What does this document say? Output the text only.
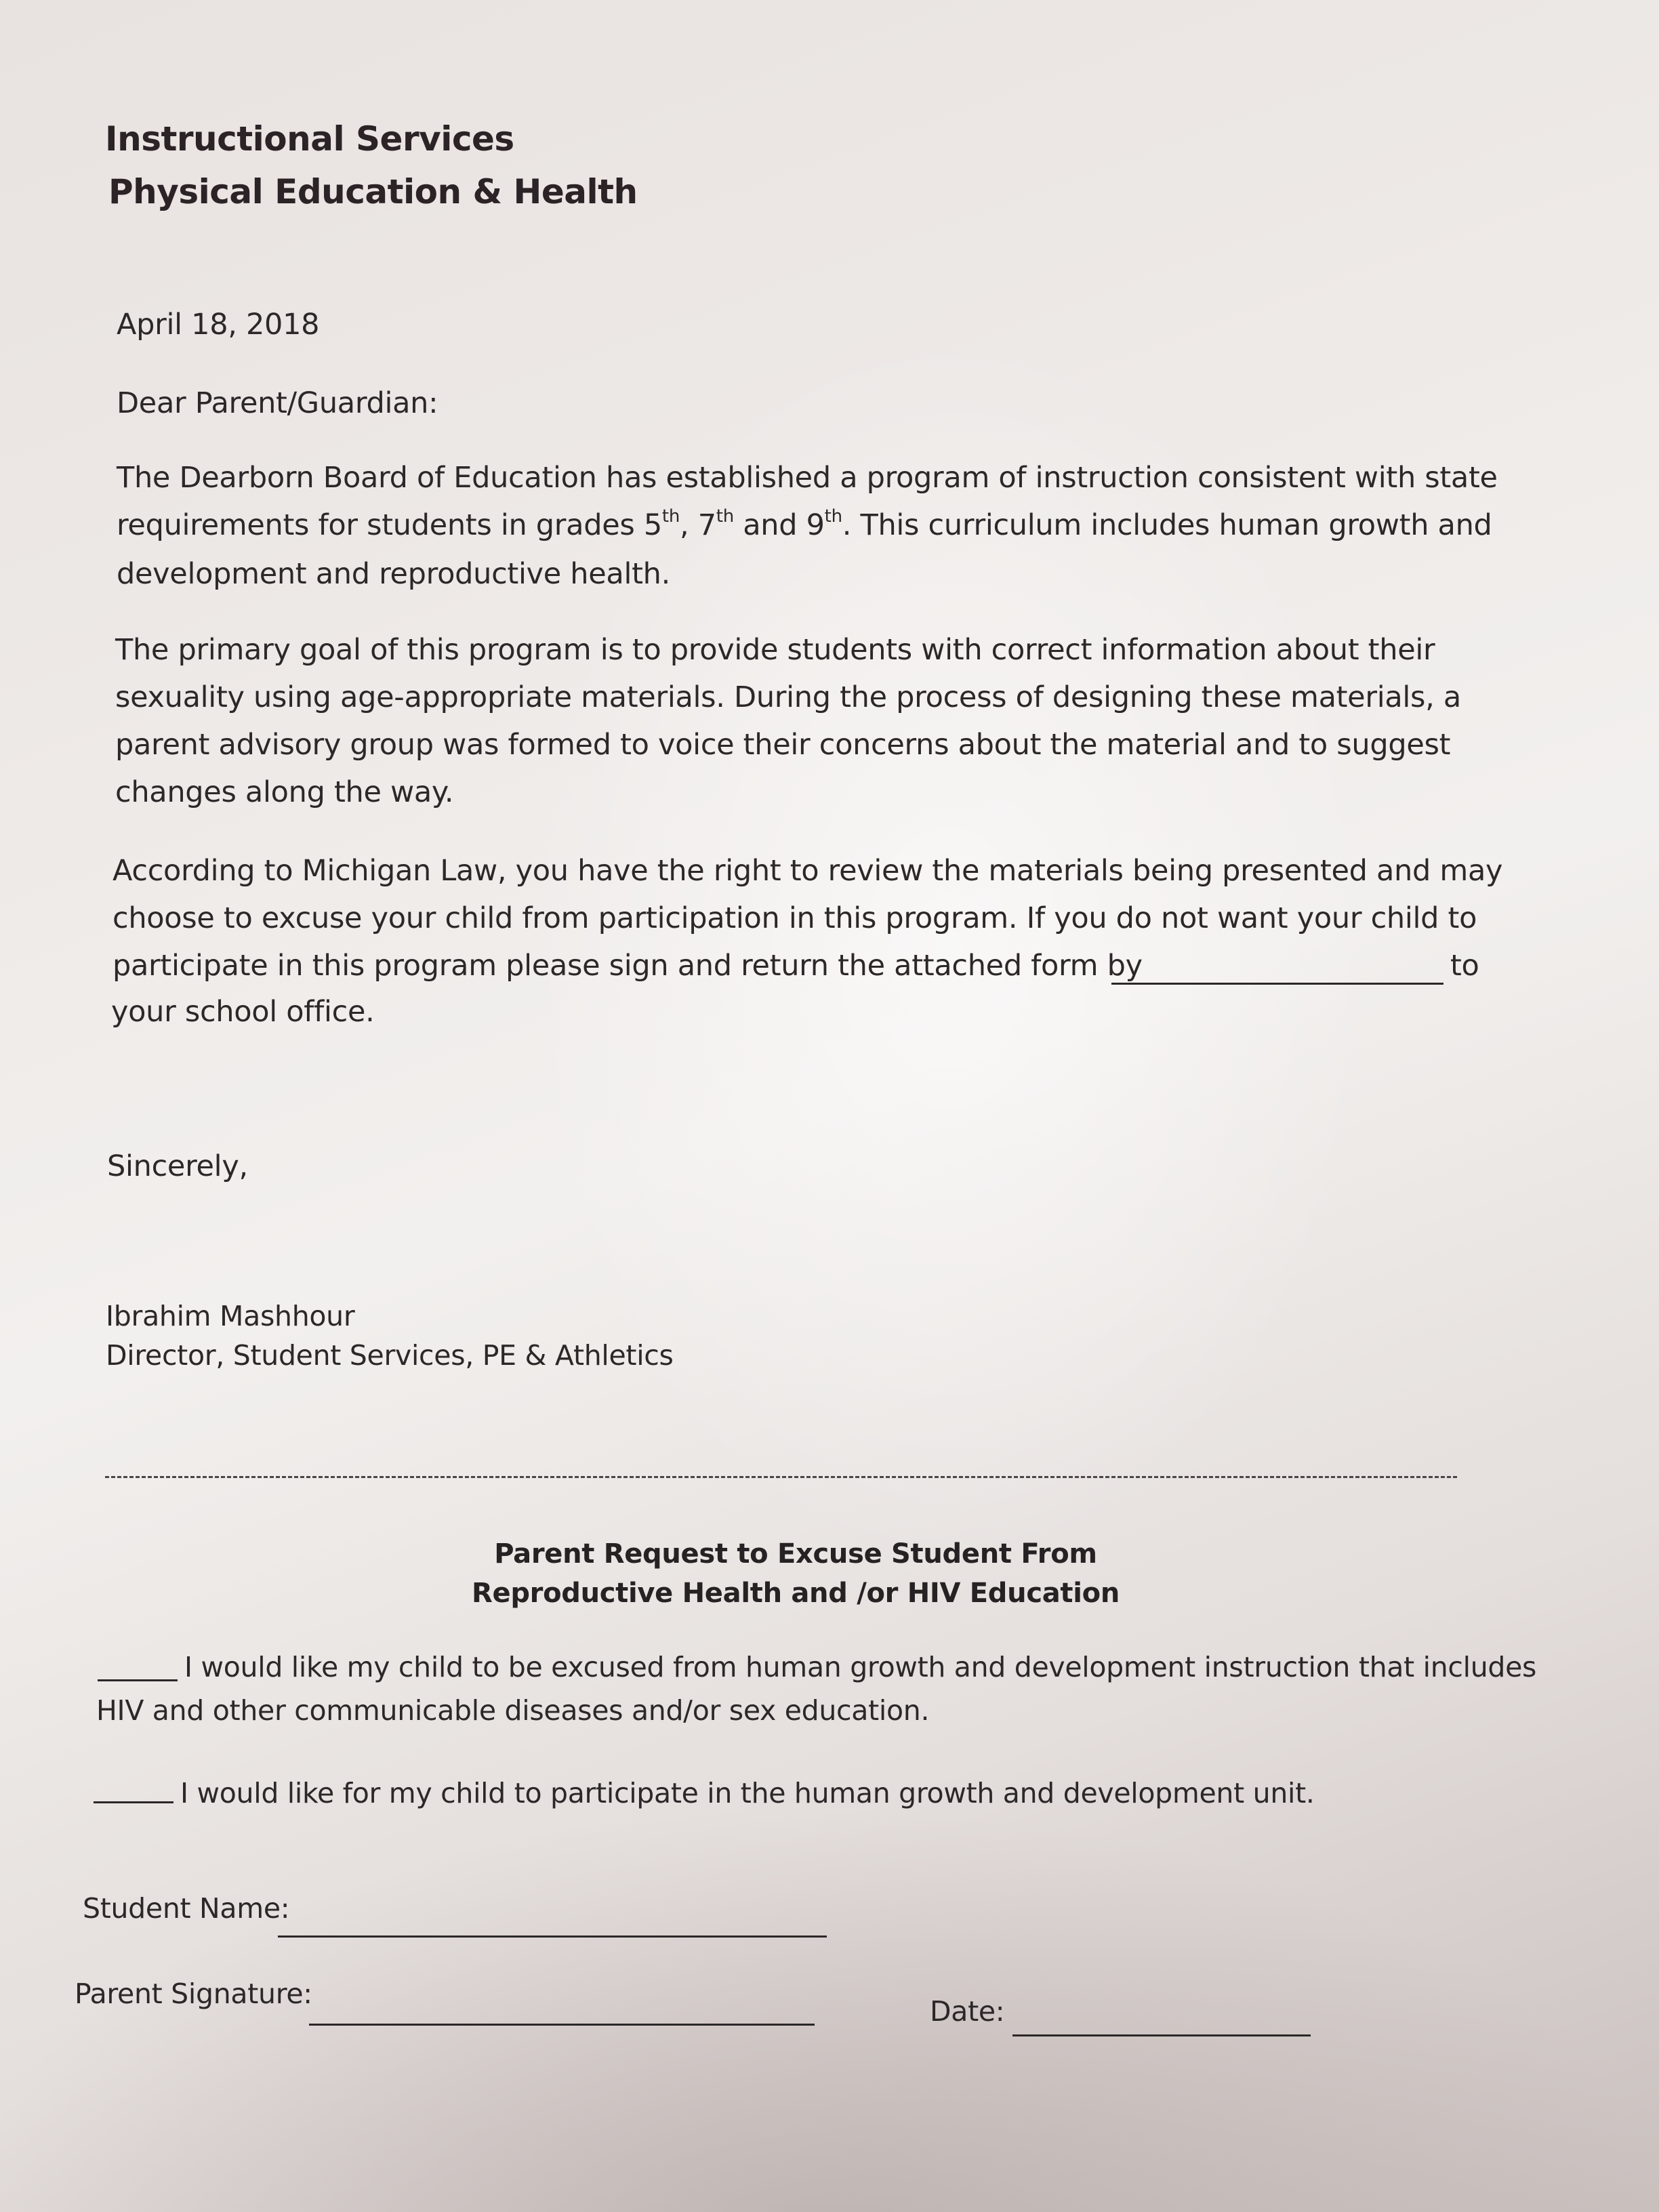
Instructional Services
Physical Education & Health
April 18, 2018
Dear Parent/Guardian:
The Dearborn Board of Education has established a program of instruction consistent with state
requirements for students in grades 5th, 7th and 9th. This curriculum includes human growth and
development and reproductive health.
The primary goal of this program is to provide students with correct information about their
sexuality using age-appropriate materials. During the process of designing these materials, a
parent advisory group was formed to voice their concerns about the material and to suggest
changes along the way.
According to Michigan Law, you have the right to review the materials being presented and may
choose to excuse your child from participation in this program. If you do not want your child to
participate in this program please sign and return the attached form by	to
your school office.
Sincerely,
Ibrahim Mashhour
Director, Student Services, PE & Athletics
Parent Request to Excuse Student From
Reproductive Health and /or HIV Education
I would like my child to be excused from human growth and development instruction that includes
HIV and other communicable diseases and/or sex education.
I would like for my child to participate in the human growth and development unit.
Student Name:
Parent Signature:
Date:
